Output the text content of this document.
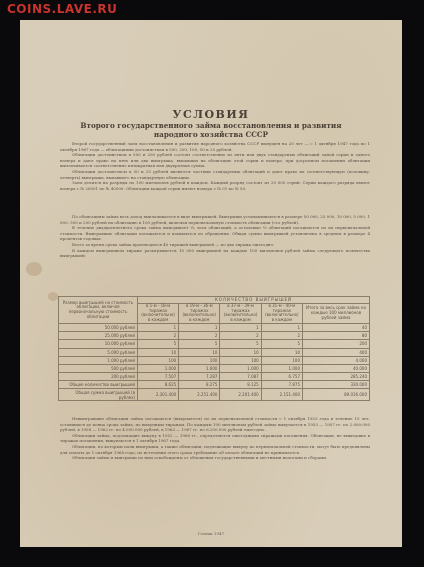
COINS.LAVE.RU
УСЛОВИЯ
Второго государственного займа восстановления и развития народного хозяйства СССР

Второй государственный заем восстановления и развития народного хозяйства СССР выпущен на 20 лет — с 1 октября 1947 года по 1 октября 1967 года — облигациями достоинством в 500, 200, 100, 50 и 25 рублей.

Облигации достоинством в 500 и 200 рублей состоят соответственно из пяти или двух стандартных облигаций одной серии и одного номера и дают право на пять или два выигрыша, выпавших на облигацию этой серии и номера; при досрочном погашении облигации выплачивается соответственно пятикратная или двукратная сумма.

Облигации достоинством в 50 и 25 рублей являются частями стандартных облигаций и дают право на соответствующую (половину, четверть) выигрыша, выпавшего на стандартную облигацию.

Заем делится на разряды по 100 миллионов рублей в каждом. Каждый разряд состоит из 20 000 серий. Серии каждого разряда имеют номера с № 20001 по № 40000. Облигации каждой серии имеют номера с № 01 по № 50.

По облигациям займа весь доход выплачивается в виде выигрышей. Выигрыши устанавливаются в размере 50 000, 25 000, 10 000, 5 000, 1 000, 500 и 200 рублей на облигацию в 100 рублей, включая первоначальную стоимость облигации (сто рублей).

В течение двадцатилетнего срока займа выигрывает ⅓, всех облигаций, а остальные ⅔ облигаций погашаются по их первоначальной стоимости. Выигравшие облигации погашаются и изымаются из обращения. Общая сумма выигрышей установлена в среднем в размере 4 процентов годовых.

Всего за время срока займа производится 40 тиражей выигрышей — по два тиража ежегодно.

В каждом выигрышном тираже разыгрывается 10 000 выигрышей на каждые 100 миллионов рублей займа следующего количества выигрышей:

Размер выигрышей на стоимость облигации, включая первоначальную стоимость облигации	КОЛИЧЕСТВО ВЫИГРЫШЕЙ				
	в 1-м - 18-м тиражах (включительно) в каждом	в 19-м - 36-м тиражах (включительно) в каждом	в 37-м - 39-м тиражах (включительно) в каждом	в 31-м - 40-м тиражах (включительно) в каждом	Итого за весь срок займа на каждые 100 миллионов рублей займа
50.000 рублей	1	1	1	1	40
25.000 рублей	2	2	2	2	80
10.000 рублей	5	5	5	5	200
5.000 рублей	10	10	10	10	400
1.000 рублей	100	100	100	100	4.000
500 рублей	1.000	1.000	1.000	1.000	40.000
200 рублей	7.507	7.287	7.087	6.757	285.240
Общее количество выигрышей	8.625	8.275	8.125	7.875	330.000
Общая сумма выигрышей (в рублях)	2.301.400	2.251.400	2.201.400	2.151.400	89.016.000

Невыигравшие облигации займа погашаются (выкупаются) по их первоначальной стоимости с 1 октября 1953 года в течение 15 лет, оставшихся до конца срока займа, по выкупным тиражам. По каждым 100 миллионам рублей займа выкупается в 1953 — 1957 гг. по 2.000.000 рублей, в 1958 — 1962 гг. по 4.000.000 рублей, в 1963 — 1967 гг. по 6.200.000 рублей ежегодно.

Облигации займа, подлежащие выкупу в 1952 — 1966 гг., определяются ежегодными тиражами погашения. Облигации, не вышедшие в тиражах погашения, выкупаются в 1 октября 1967 года.

Облигации, по которым пали выигрыши, а также облигации, подлежащие выкупу по первоначальной стоимости, могут быть предъявлены для оплаты до 1 октября 1968 года; по истечении этого срока требование об оплате облигаций не принимается.

Облигации займа и выигрыши по ним освобождены от обложения государственными и местными налогами и сборами.

Гознак 1947
